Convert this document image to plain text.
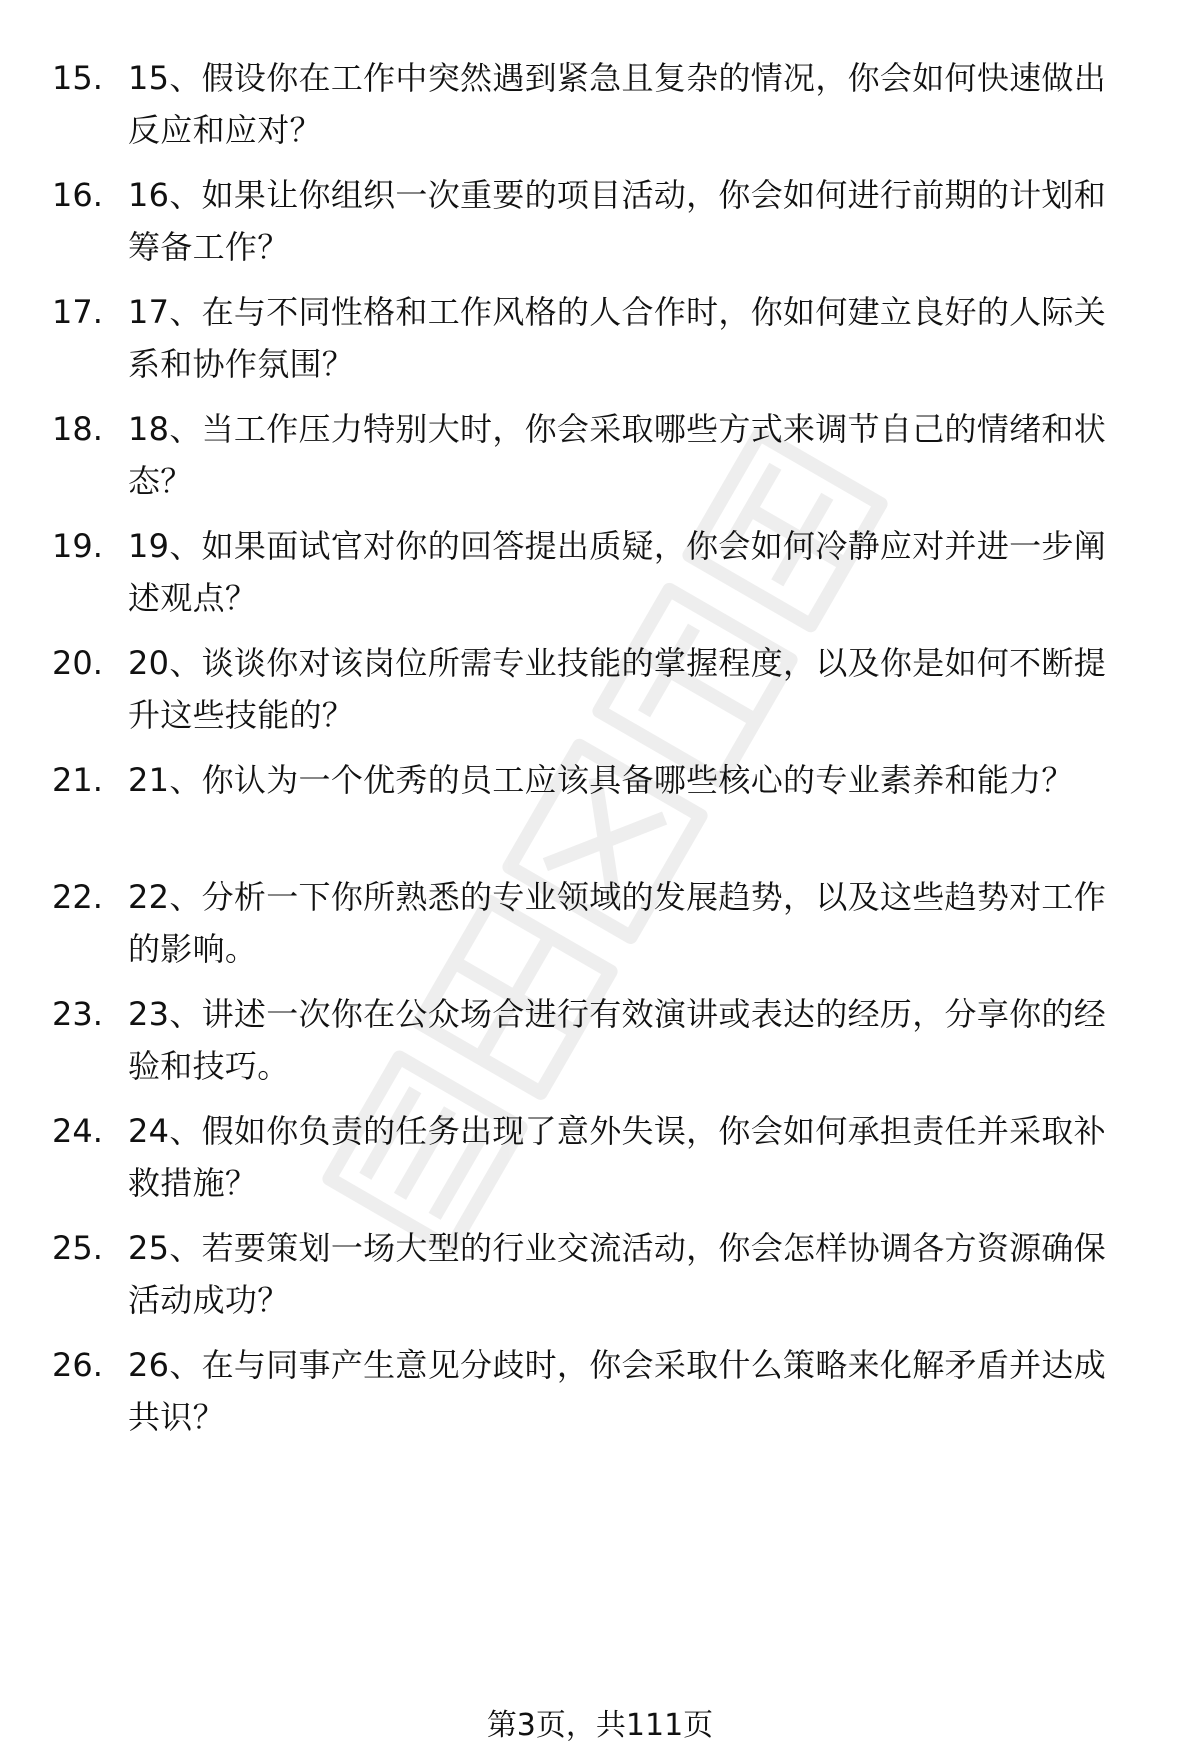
15. 15、假设你在工作中突然遇到紧急且复杂的情况，你会如何快速做出反应和应对？
16. 16、如果让你组织一次重要的项目活动，你会如何进行前期的计划和筹备工作？
17. 17、在与不同性格和工作风格的人合作时，你如何建立良好的人际关系和协作氛围？
18. 18、当工作压力特别大时，你会采取哪些方式来调节自己的情绪和状态？
19. 19、如果面试官对你的回答提出质疑，你会如何冷静应对并进一步阐述观点？
20. 20、谈谈你对该岗位所需专业技能的掌握程度，以及你是如何不断提升这些技能的？
21. 21、你认为一个优秀的员工应该具备哪些核心的专业素养和能力？
22. 22、分析一下你所熟悉的专业领域的发展趋势，以及这些趋势对工作的影响。
23. 23、讲述一次你在公众场合进行有效演讲或表达的经历，分享你的经验和技巧。
24. 24、假如你负责的任务出现了意外失误，你会如何承担责任并采取补救措施？
25. 25、若要策划一场大型的行业交流活动，你会怎样协调各方资源确保活动成功？
26. 26、在与同事产生意见分歧时，你会采取什么策略来化解矛盾并达成共识？
第3页，共111页
